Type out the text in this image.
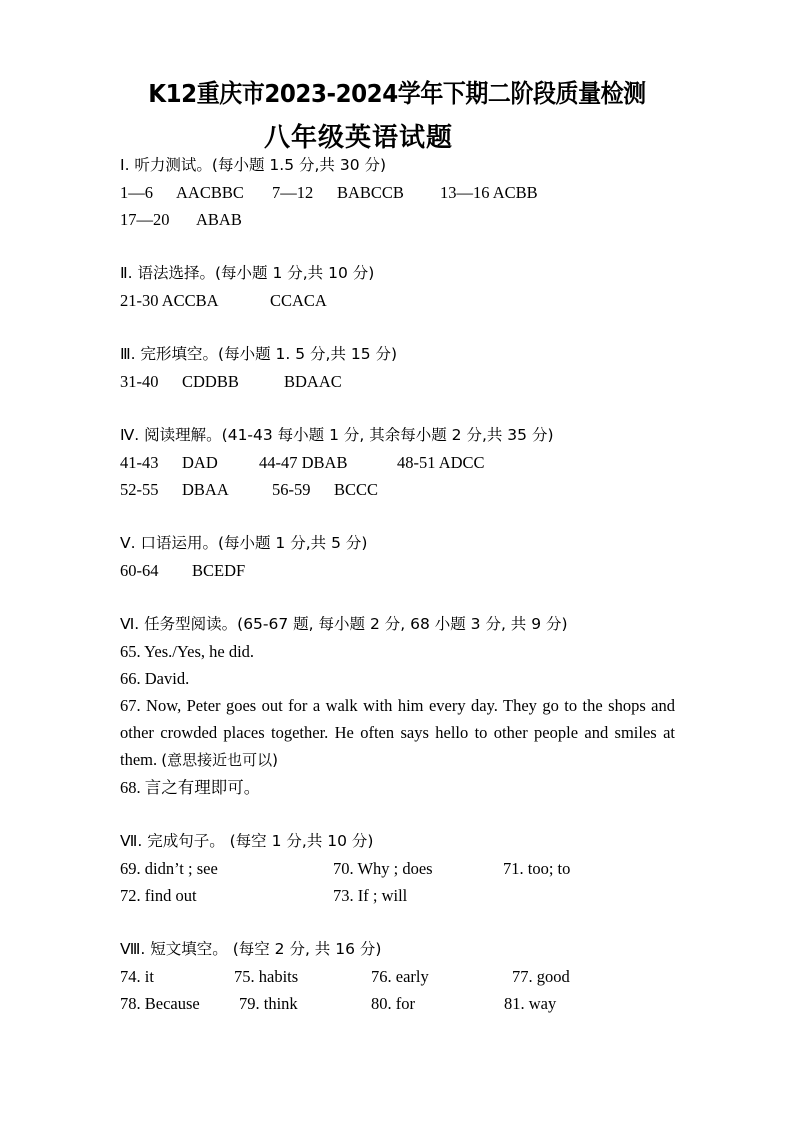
K12重庆市2023-2024学年下期二阶段质量检测
八年级英语试题
Ⅰ. 听力测试。(每小题 1.5 分,共 30 分)
1—6 AACBBC 7—12 BABCCB 13—16 ACBB
17—20 ABAB
Ⅱ. 语法选择。(每小题 1 分,共 10 分)
21-30 ACCBA	CCACA
Ⅲ. 完形填空。(每小题 1. 5 分,共 15 分)
31-40 CDDBB	BDAAC
Ⅳ. 阅读理解。(41-43 每小题 1 分, 其余每小题 2 分,共 35 分)
41-43 DAD	44-47 DBAB	48-51 ADCC
52-55 DBAA	56-59 BCCC
Ⅴ. 口语运用。(每小题 1 分,共 5 分)
60-64 BCEDF
Ⅵ. 任务型阅读。(65-67 题, 每小题 2 分, 68 小题 3 分, 共 9 分)
65. Yes./Yes, he did.
66. David.
67. Now, Peter goes out for a walk with him every day. They go to the shops and other crowded places together. He often says hello to other people and smiles at them. (意思接近也可以)
68. 言之有理即可。
Ⅶ. 完成句子。 (每空 1 分,共 10 分)
69. didn’t ; see	70. Why ; does	71. too; to
72. find out	73. If ; will
Ⅷ. 短文填空。 (每空 2 分, 共 16 分)
74. it	75. habits	76. early	77. good
78. Because 79. think	80. for	81. way
